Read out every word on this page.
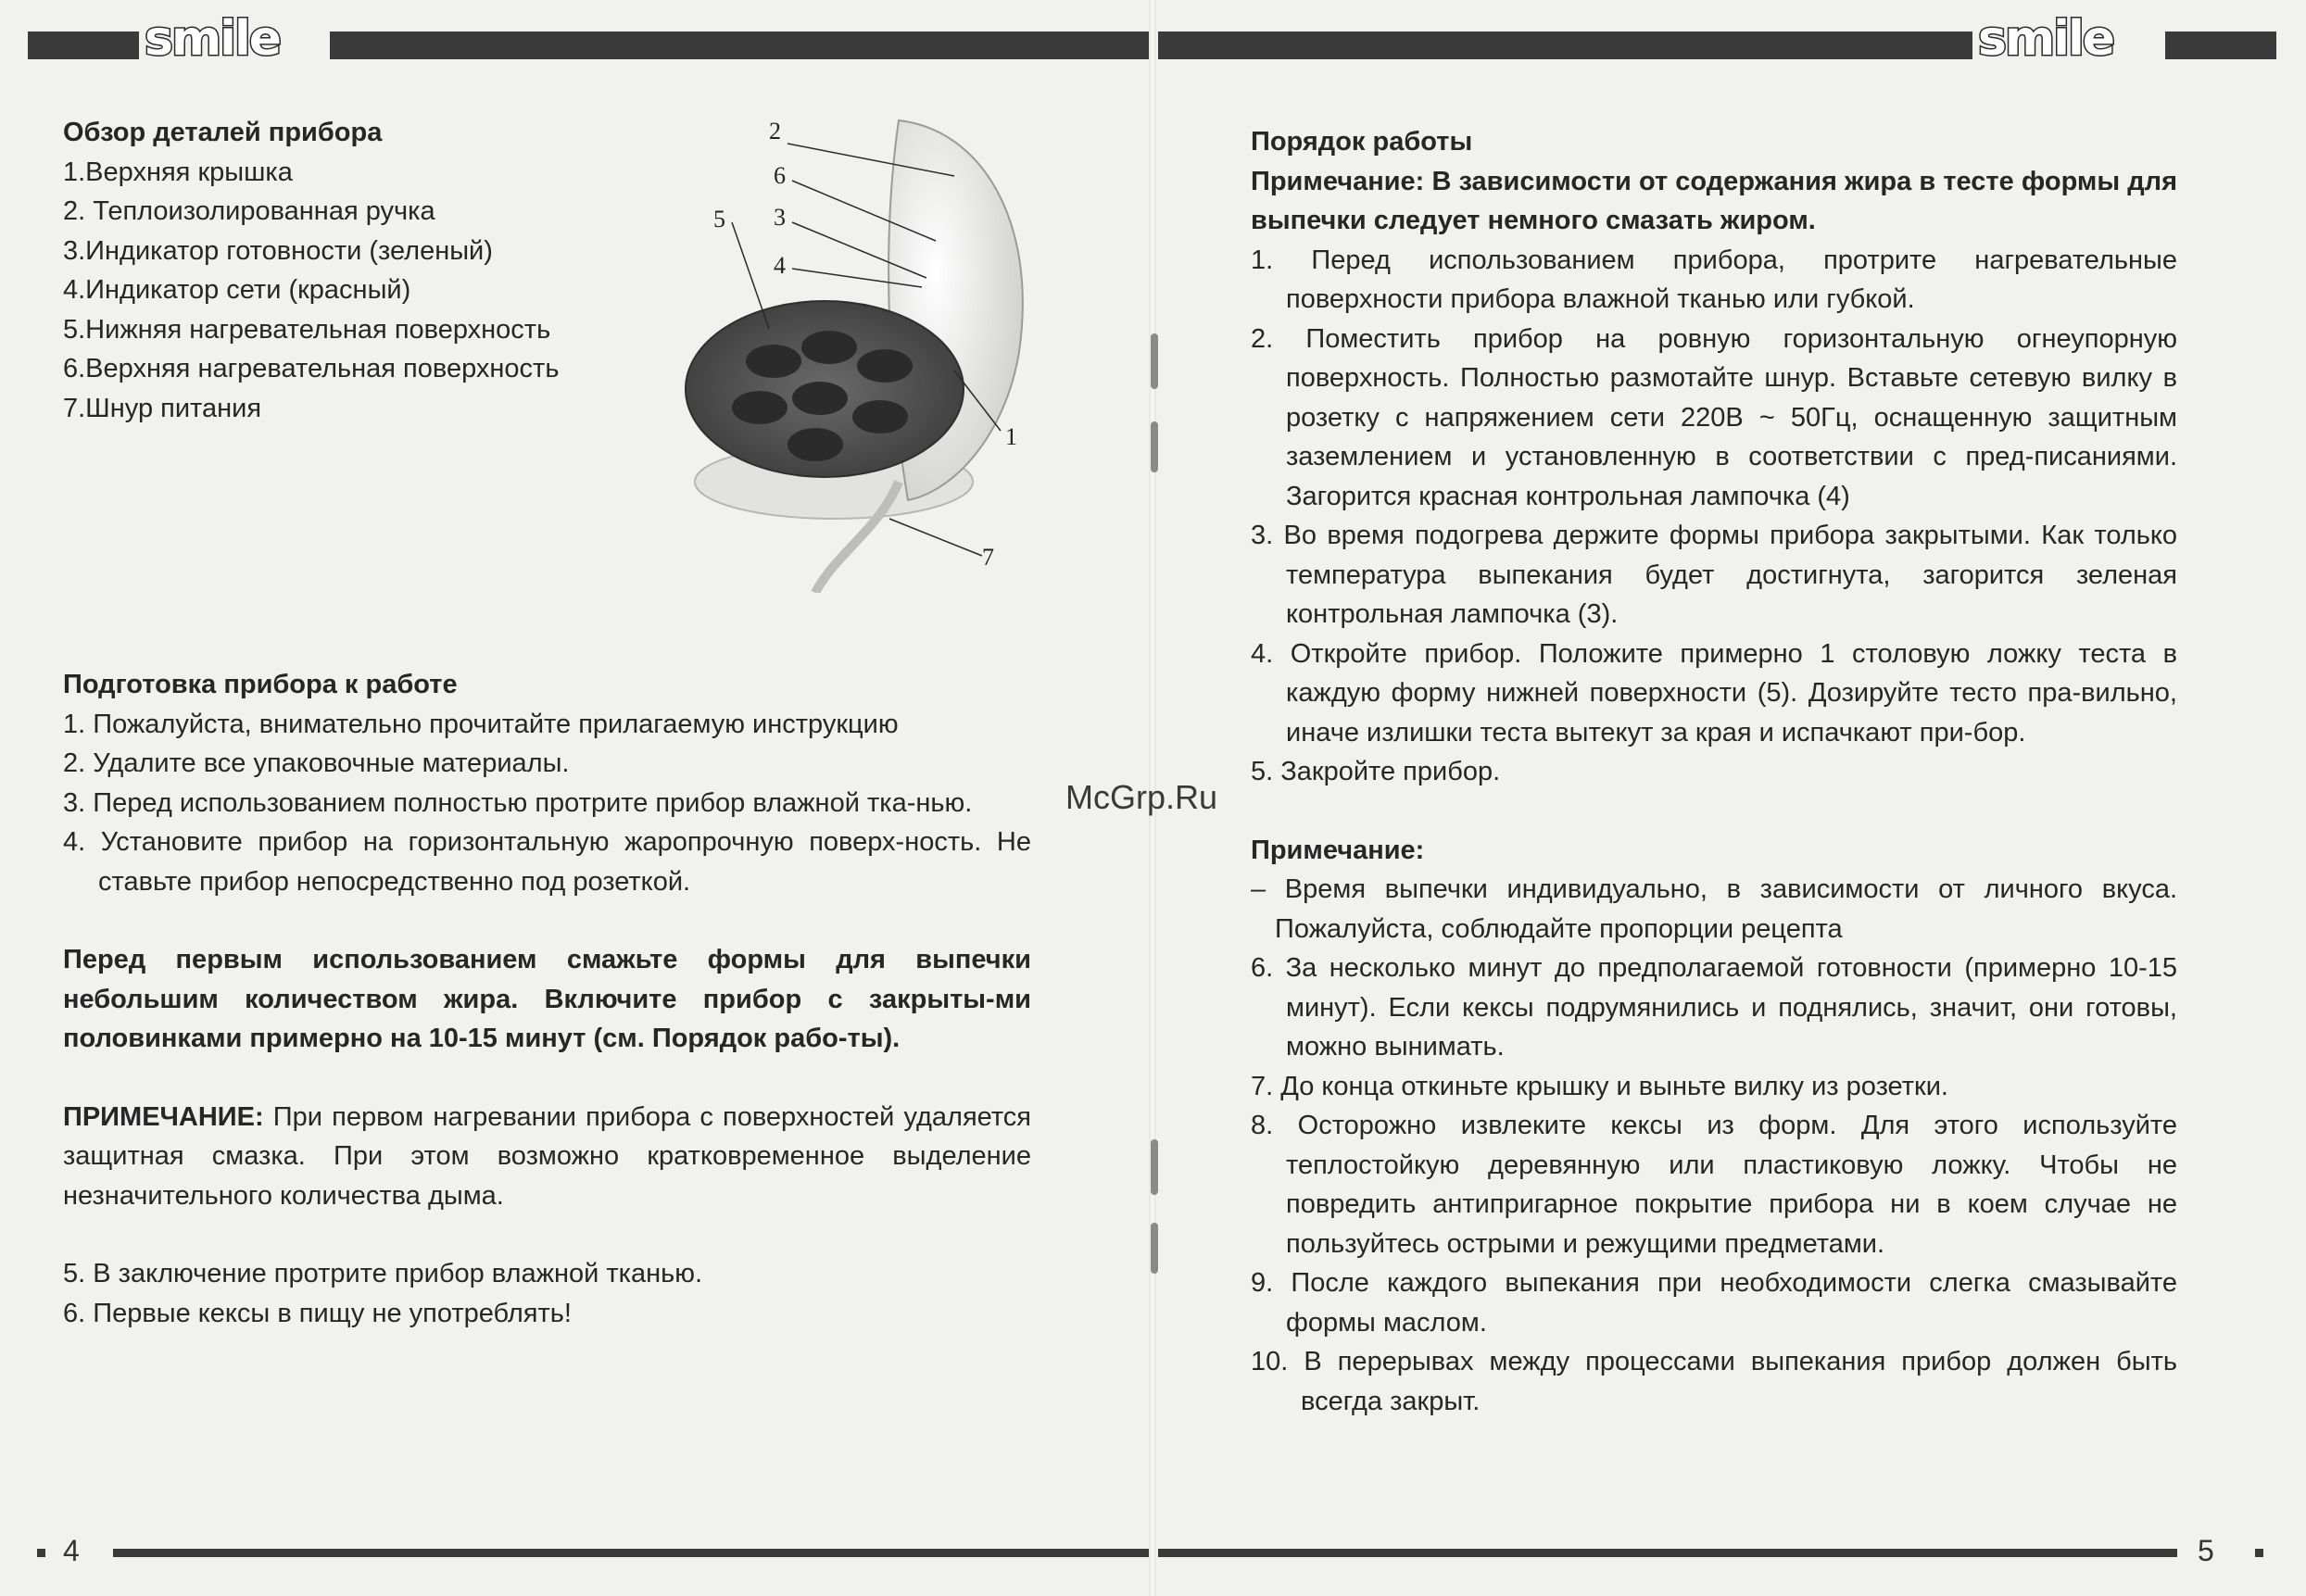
smile

Обзор деталей прибора

1.Верхняя крышка

2. Теплоизолированная ручка

3.Индикатор готовности (зеленый)

4.Индикатор сети (красный)

5.Нижняя нагревательная поверхность

6.Верхняя нагревательная поверхность

7.Шнур питания

1
2
3
4
5
6
7

Подготовка прибора к работе

1. Пожалуйста, внимательно прочитайте прилагаемую инструкцию

2. Удалите все упаковочные материалы.

3. Перед использованием полностью протрите прибор влажной тка-нью.

4. Установите прибор на горизонтальную жаропрочную поверх-ность. Не ставьте прибор непосредственно под розеткой.

Перед первым использованием смажьте формы для выпечки небольшим количеством жира. Включите прибор с закрыты-ми половинками примерно на 10-15 минут (см. Порядок рабо-ты).

ПРИМЕЧАНИЕ: При первом нагревании прибора с поверхностей удаляется защитная смазка. При этом возможно кратковременное выделение незначительного количества дыма.

5. В заключение протрите прибор влажной тканью.

6. Первые кексы в пищу не употреблять!

4
McGrp.Ru
smile

Порядок работы

Примечание: В зависимости от содержания жира в тесте формы для выпечки следует немного смазать жиром.

1. Перед использованием прибора, протрите нагревательные поверхности прибора влажной тканью или губкой.

2. Поместить прибор на ровную горизонтальную огнеупорную поверхность. Полностью размотайте шнур. Вставьте сетевую вилку в розетку с напряжением сети 220В ~ 50Гц, оснащенную защитным заземлением и установленную в соответствии с пред-писаниями. Загорится красная контрольная лампочка (4)

3. Во время подогрева держите формы прибора закрытыми. Как только температура выпекания будет достигнута, загорится зеленая контрольная лампочка (3).

4. Откройте прибор. Положите примерно 1 столовую ложку теста в каждую форму нижней поверхности (5). Дозируйте тесто пра-вильно, иначе излишки теста вытекут за края и испачкают при-бор.

5. Закройте прибор.

Примечание:

– Время выпечки индивидуально, в зависимости от личного вкуса. Пожалуйста, соблюдайте пропорции рецепта

6. За несколько минут до предполагаемой готовности (примерно 10-15 минут). Если кексы подрумянились и поднялись, значит, они готовы, можно вынимать.

7. До конца откиньте крышку и выньте вилку из розетки.

8. Осторожно извлеките кексы из форм. Для этого используйте теплостойкую деревянную или пластиковую ложку. Чтобы не повредить антипригарное покрытие прибора ни в коем случае не пользуйтесь острыми и режущими предметами.

9. После каждого выпекания при необходимости слегка смазывайте формы маслом.

10. В перерывах между процессами выпекания прибор должен быть всегда закрыт.

5
